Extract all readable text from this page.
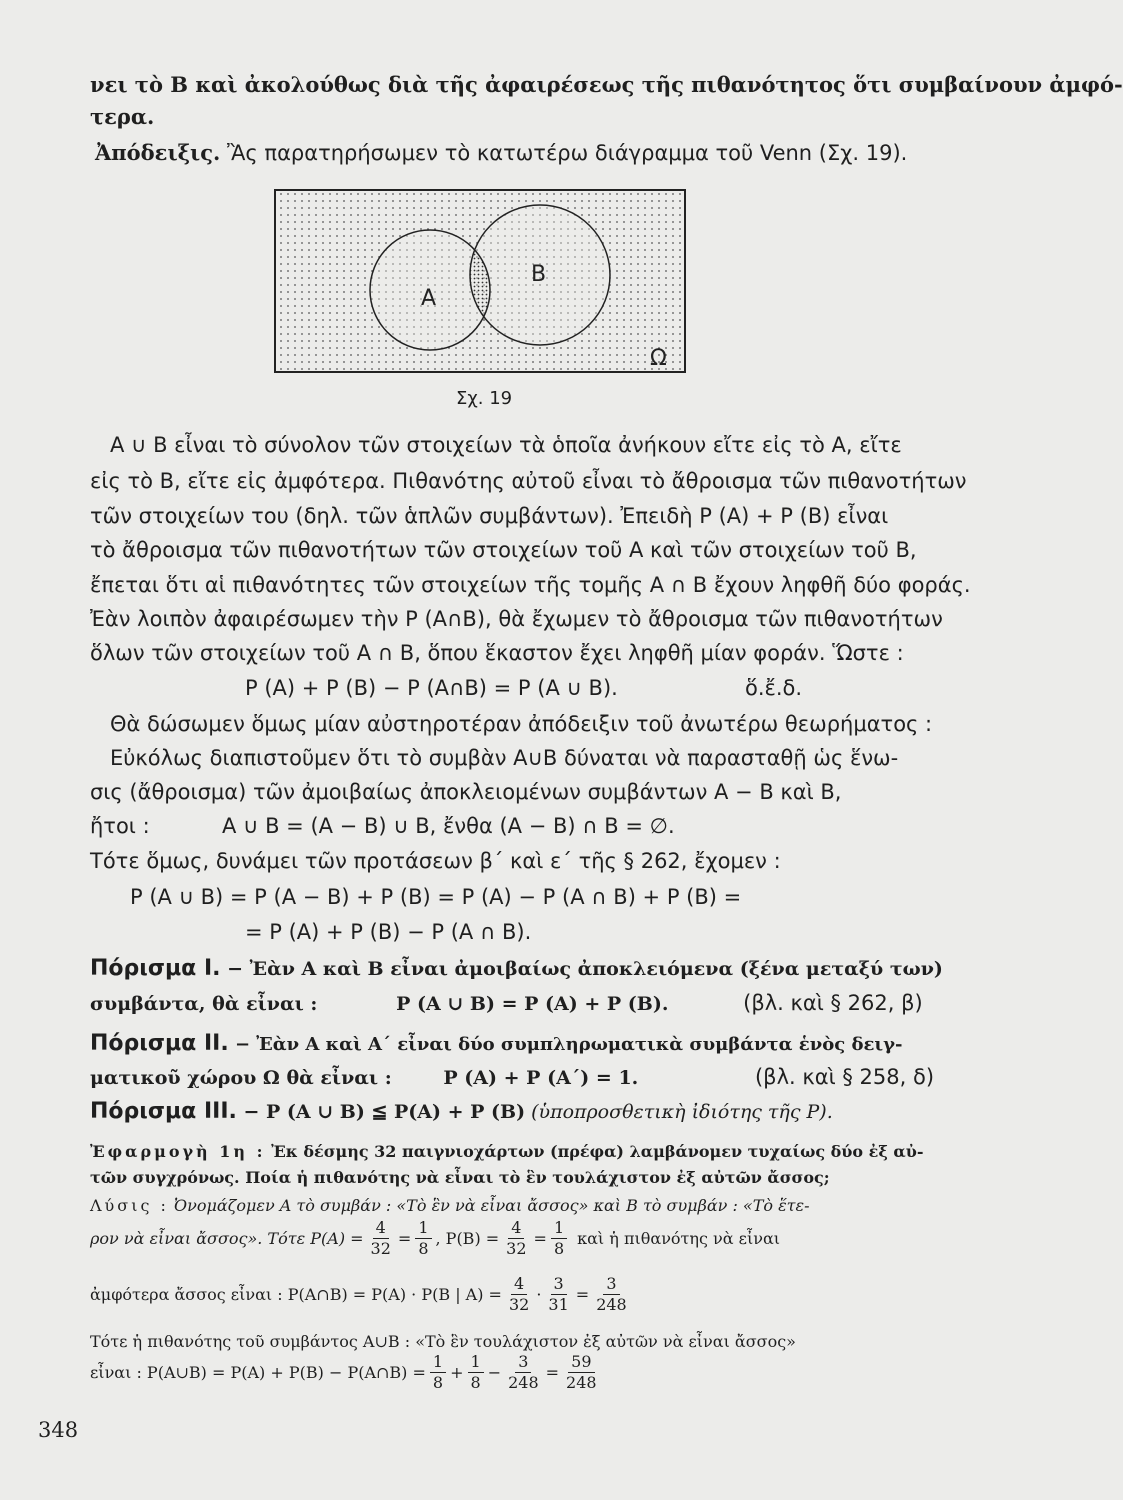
νει τὸ Β καὶ ἀκολούθως διὰ τῆς ἀφαιρέσεως τῆς πιθανότητος ὅτι συμβαίνουν ἀμφό-
τερα.
Ἀπόδειξις. Ἂς παρατηρήσωμεν τὸ κατωτέρω διάγραμμα τοῦ Venn (Σχ. 19).
A
B
Ω
Σχ. 19
A ∪ B εἶναι τὸ σύνολον τῶν στοιχείων τὰ ὁποῖα ἀνήκουν εἴτε εἰς τὸ A, εἴτε
εἰς τὸ B, εἴτε εἰς ἀμφότερα. Πιθανότης αὐτοῦ εἶναι τὸ ἄθροισμα τῶν πιθανοτήτων
τῶν στοιχείων του (δηλ. τῶν ἁπλῶν συμβάντων). Ἐπειδὴ P (A) + P (B) εἶναι
τὸ ἄθροισμα τῶν πιθανοτήτων τῶν στοιχείων τοῦ A καὶ τῶν στοιχείων τοῦ B,
ἔπεται ὅτι αἱ πιθανότητες τῶν στοιχείων τῆς τομῆς A ∩ B ἔχουν ληφθῆ δύο φοράς.
Ἐὰν λοιπὸν ἀφαιρέσωμεν τὴν P (A∩B), θὰ ἔχωμεν τὸ ἄθροισμα τῶν πιθανοτήτων
ὅλων τῶν στοιχείων τοῦ A ∩ B, ὅπου ἕκαστον ἔχει ληφθῆ μίαν φοράν. Ὥστε :
P (A) + P (B) − P (A∩B) = P (A ∪ B).	ὅ.ἔ.δ.
Θὰ δώσωμεν ὅμως μίαν αὐστηροτέραν ἀπόδειξιν τοῦ ἀνωτέρω θεωρήματος :
Εὐκόλως διαπιστοῦμεν ὅτι τὸ συμβὰν A∪B δύναται νὰ παρασταθῇ ὡς ἕνω-
σις (ἄθροισμα) τῶν ἀμοιβαίως ἀποκλειομένων συμβάντων A − B καὶ B,
ἤτοι :	A ∪ B = (A − B) ∪ B, ἔνθα (A − B) ∩ B = ∅.
Τότε ὅμως, δυνάμει τῶν προτάσεων β΄ καὶ ε΄ τῆς § 262, ἔχομεν :
P (A ∪ B) = P (A − B) + P (B) = P (A) − P (A ∩ B) + P (B) =
= P (A) + P (B) − P (A ∩ B).
Πόρισμα Ι. − Ἐὰν A καὶ B εἶναι ἀμοιβαίως ἀποκλειόμενα (ξένα μεταξύ των)
συμβάντα, θὰ εἶναι :	P (A ∪ B) = P (A) + P (B).	(βλ. καὶ § 262, β)
Πόρισμα ΙΙ. − Ἐὰν A καὶ A΄ εἶναι δύο συμπληρωματικὰ συμβάντα ἑνὸς δειγ-
ματικοῦ χώρου Ω θὰ εἶναι :	P (A) + P (A΄) = 1.	(βλ. καὶ § 258, δ)
Πόρισμα ΙΙΙ. − P (A ∪ B) ≦ P(A) + P (B) (ὑποπροσθετικὴ ἰδιότης τῆς P).
Ἐφαρμογὴ 1η : Ἐκ δέσμης 32 παιγνιοχάρτων (πρέφα) λαμβάνομεν τυχαίως δύο ἐξ αὐ-
τῶν συγχρόνως. Ποία ἡ πιθανότης νὰ εἶναι τὸ ἓν τουλάχιστον ἐξ αὐτῶν ἄσσος;
Λύσις : Ὀνομάζομεν A τὸ συμβάν : «Τὸ ἓν νὰ εἶναι ἄσσος» καὶ B τὸ συμβάν : «Τὸ ἕτε-
ρον νὰ εἶναι ἄσσος». Τότε $P(A) = \frac{4}{32} = \frac{1}{8}$ , $P(B) = \frac{4}{32} = \frac{1}{8}$ καὶ ἡ πιθανότης νὰ εἶναι
ἀμφότερα ἄσσος εἶναι : P(A∩B) = P(A) · P(B | $A) = \frac{4}{32} \cdot \frac{3}{31} = \frac{3}{248}$
Τότε ἡ πιθανότης τοῦ συμβάντος A∪B : «Τὸ ἓν τουλάχιστον ἐξ αὐτῶν νὰ εἶναι ἄσσος»
εἶναι : P(A∪B) = P(A) + P(B) − P(A∩B) = $\frac{1}{8} + \frac{1}{8} - \frac{3}{248} = \frac{59}{248}$
348
